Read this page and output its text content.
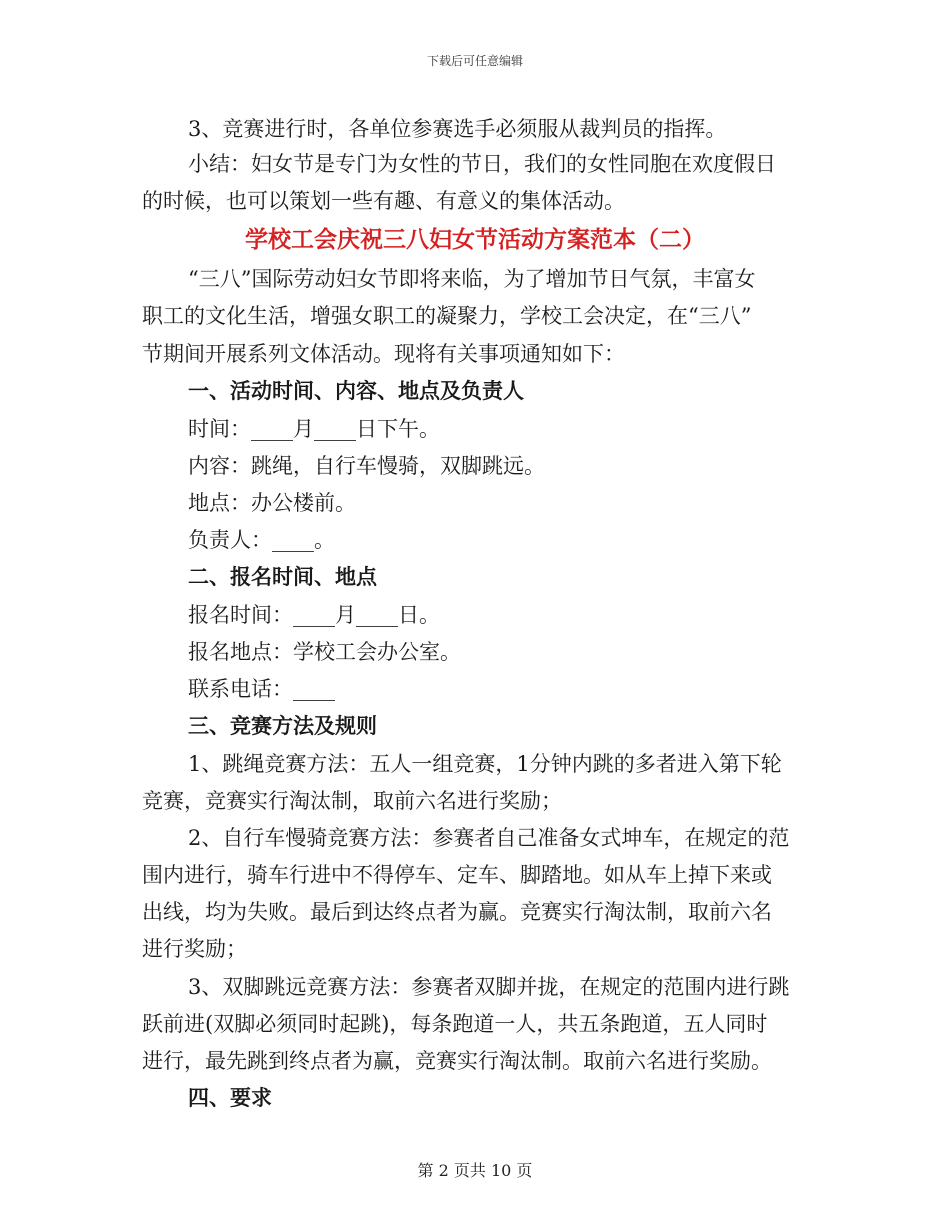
下载后可任意编辑
3、竞赛进行时，各单位参赛选手必须服从裁判员的指挥。
小结：妇女节是专门为女性的节日，我们的女性同胞在欢度假日
的时候，也可以策划一些有趣、有意义的集体活动。
学校工会庆祝三八妇女节活动方案范本（二）
“三八”国际劳动妇女节即将来临，为了增加节日气氛，丰富女
职工的文化生活，增强女职工的凝聚力，学校工会决定，在“三八”
节期间开展系列文体活动。现将有关事项通知如下：
一、活动时间、内容、地点及负责人
时间：____月____日下午。
内容：跳绳，自行车慢骑，双脚跳远。
地点：办公楼前。
负责人：____。
二、报名时间、地点
报名时间：____月____日。
报名地点：学校工会办公室。
联系电话：____
三、竞赛方法及规则
1、跳绳竞赛方法：五人一组竞赛，1分钟内跳的多者进入第下轮
竞赛，竞赛实行淘汰制，取前六名进行奖励；
2、自行车慢骑竞赛方法：参赛者自己准备女式坤车，在规定的范
围内进行，骑车行进中不得停车、定车、脚踏地。如从车上掉下来或
出线，均为失败。最后到达终点者为赢。竞赛实行淘汰制，取前六名
进行奖励；
3、双脚跳远竞赛方法：参赛者双脚并拢，在规定的范围内进行跳
跃前进(双脚必须同时起跳)，每条跑道一人，共五条跑道，五人同时
进行，最先跳到终点者为赢，竞赛实行淘汰制。取前六名进行奖励。
四、要求
第 2 页共 10 页
